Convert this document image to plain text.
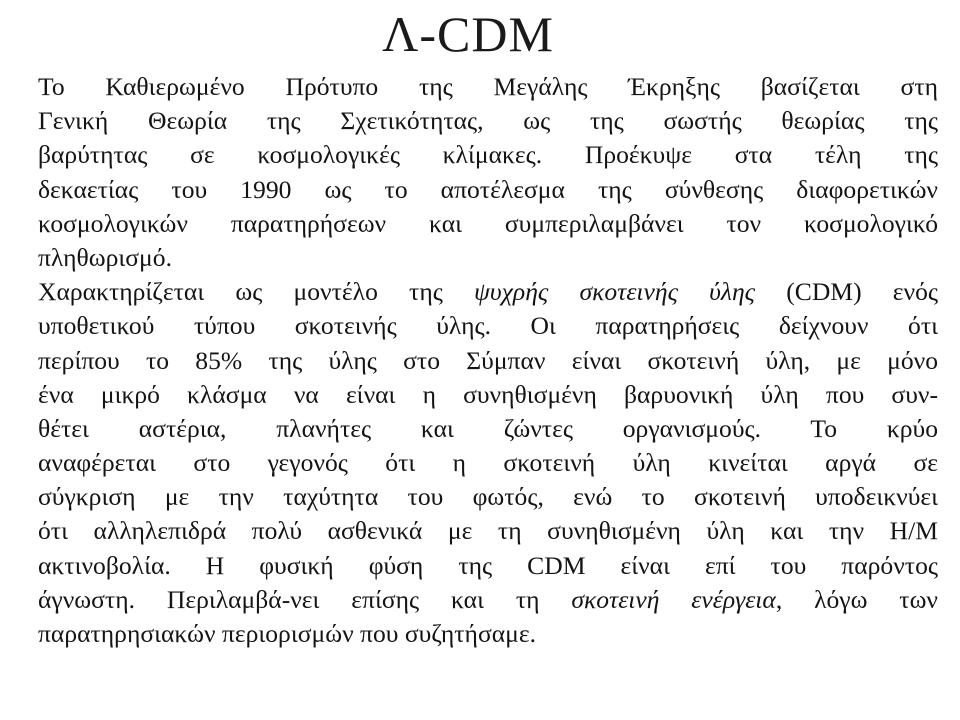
Λ-CDM
Το Καθιερωμένο Πρότυπο της Μεγάλης Έκρηξης βασίζεται στη
Γενική Θεωρία της Σχετικότητας, ως της σωστής θεωρίας της
βαρύτητας σε κοσμολογικές κλίμακες. Προέκυψε στα τέλη της
δεκαετίας του 1990 ως το αποτέλεσμα της σύνθεσης διαφορετικών
κοσμολογικών παρατηρήσεων και συμπεριλαμβάνει τον κοσμολογικό
πληθωρισμό.
Χαρακτηρίζεται ως μοντέλο της ψυχρής σκοτεινής ύλης (CDM) ενός
υποθετικού τύπου σκοτεινής ύλης. Οι παρατηρήσεις δείχνουν ότι
περίπου το 85% της ύλης στο Σύμπαν είναι σκοτεινή ύλη, με μόνο
ένα μικρό κλάσμα να είναι η συνηθισμένη βαρυονική ύλη που συν-
θέτει αστέρια, πλανήτες και ζώντες οργανισμούς. Το κρύο
αναφέρεται στο γεγονός ότι η σκοτεινή ύλη κινείται αργά σε
σύγκριση με την ταχύτητα του φωτός, ενώ το σκοτεινή υποδεικνύει
ότι αλληλεπιδρά πολύ ασθενικά με τη συνηθισμένη ύλη και την Η/Μ
ακτινοβολία. Η φυσική φύση της CDM είναι επί του παρόντος
άγνωστη. Περιλαμβά-νει επίσης και τη σκοτεινή ενέργεια, λόγω των
παρατηρησιακών περιορισμών που συζητήσαμε.
